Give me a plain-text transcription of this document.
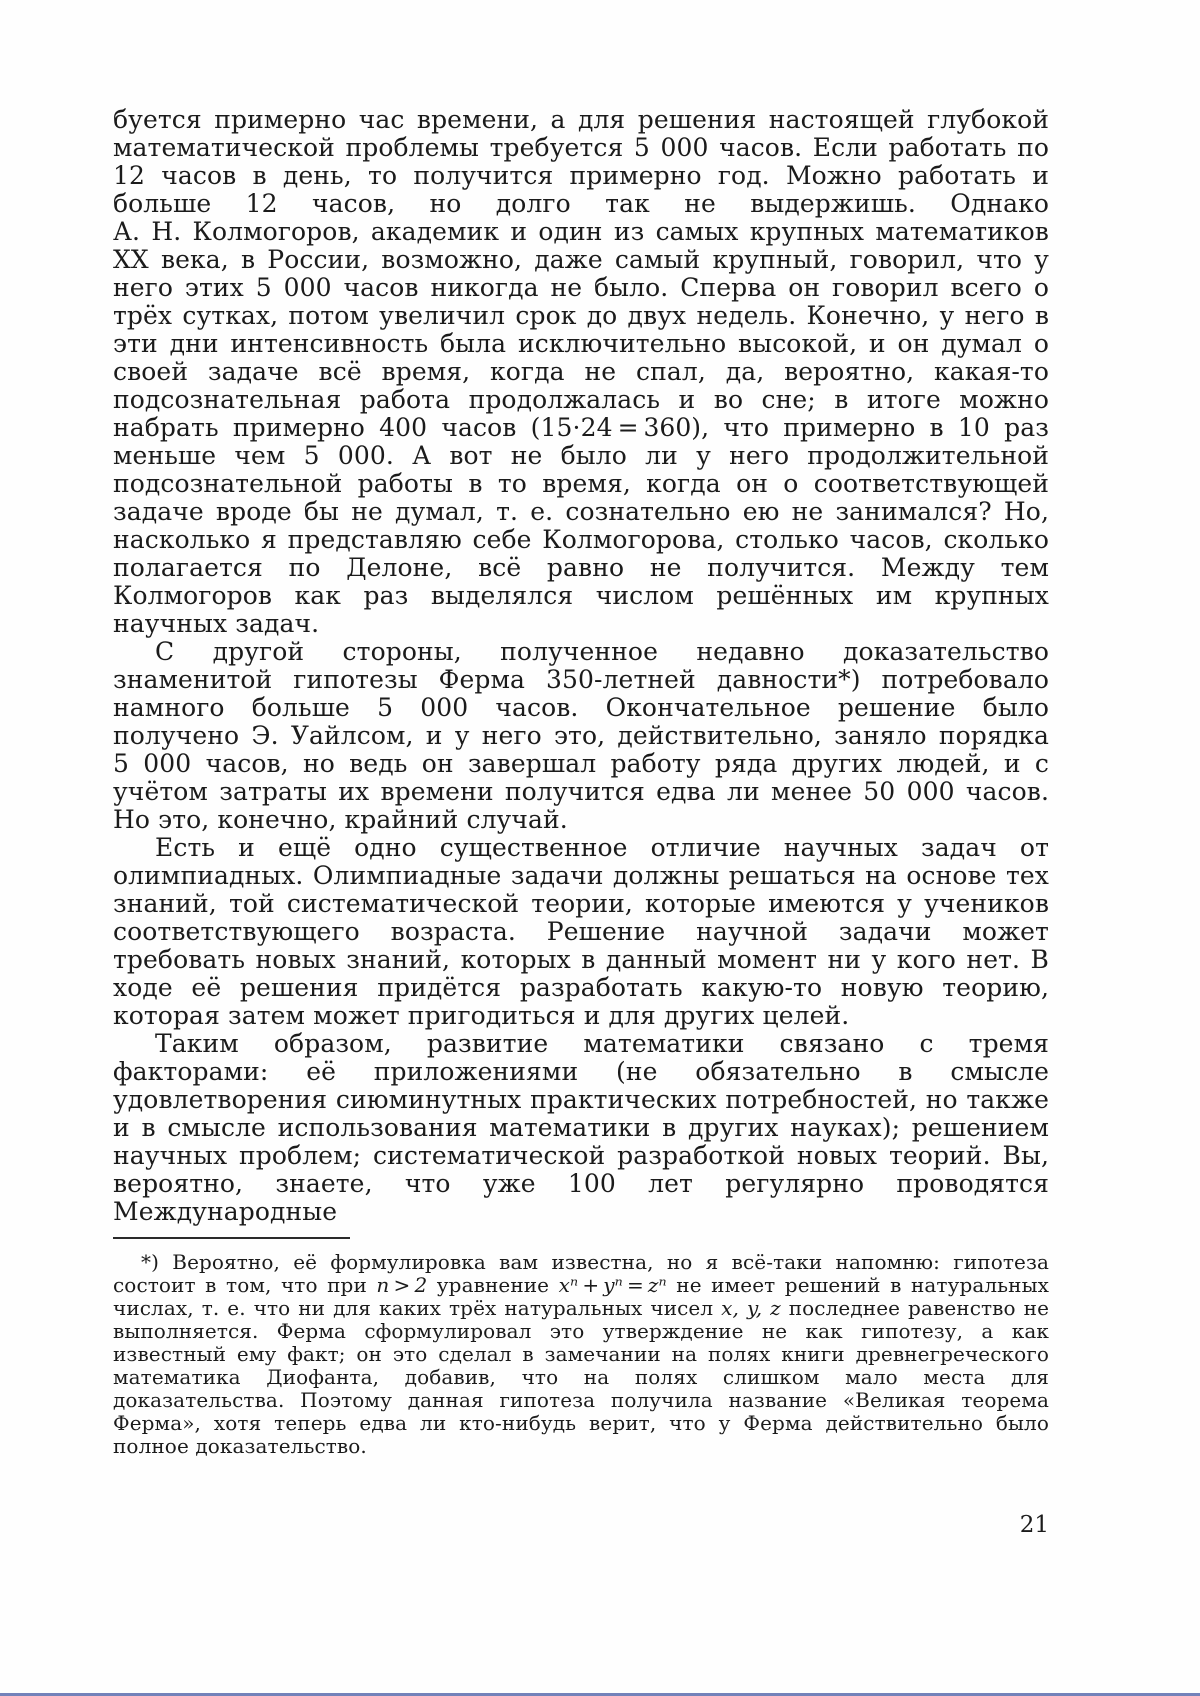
буется примерно час времени, а для решения настоящей глубокой математической проблемы требуется 5 000 часов. Если работать по 12 часов в день, то получится примерно год. Можно работать и больше 12 часов, но долго так не выдержишь. Однако А. Н. Колмогоров, академик и один из самых крупных математиков XX века, в России, возможно, даже самый крупный, говорил, что у него этих 5 000 часов никогда не было. Сперва он говорил всего о трёх сутках, потом увеличил срок до двух недель. Конечно, у него в эти дни интенсивность была исключительно высокой, и он думал о своей задаче всё время, когда не спал, да, вероятно, какая-то подсознательная работа продолжалась и во сне; в итоге можно набрать примерно 400 часов (15·24 = 360), что примерно в 10 раз меньше чем 5 000. А вот не было ли у него продолжительной подсознательной работы в то время, когда он о соответствующей задаче вроде бы не думал, т. е. сознательно ею не занимался? Но, насколько я представляю себе Колмогорова, столько часов, сколько полагается по Делоне, всё равно не получится. Между тем Колмогоров как раз выделялся числом решённых им крупных научных задач.

С другой стороны, полученное недавно доказательство знаменитой гипотезы Ферма 350-летней давности*) потребовало намного больше 5 000 часов. Окончательное решение было получено Э. Уайлсом, и у него это, действительно, заняло порядка 5 000 часов, но ведь он завершал работу ряда других людей, и с учётом затраты их времени получится едва ли менее 50 000 часов. Но это, конечно, крайний случай.

Есть и ещё одно существенное отличие научных задач от олимпиадных. Олимпиадные задачи должны решаться на основе тех знаний, той систематической теории, которые имеются у учеников соответствующего возраста. Решение научной задачи может требовать новых знаний, которых в данный момент ни у кого нет. В ходе её решения придётся разработать какую-то новую теорию, которая затем может пригодиться и для других целей.

Таким образом, развитие математики связано с тремя факторами: её приложениями (не обязательно в смысле удовлетворения сиюминутных практических потребностей, но также и в смысле использования математики в других науках); решением научных проблем; систематической разработкой новых теорий. Вы, вероятно, знаете, что уже 100 лет регулярно проводятся Международные

*) Вероятно, её формулировка вам известна, но я всё-таки напомню: гипотеза состоит в том, что при n > 2 уравнение xⁿ + yⁿ = zⁿ не имеет решений в натуральных числах, т. е. что ни для каких трёх натуральных чисел x, y, z последнее равенство не выполняется. Ферма сформулировал это утверждение не как гипотезу, а как известный ему факт; он это сделал в замечании на полях книги древнегреческого математика Диофанта, добавив, что на полях слишком мало места для доказательства. Поэтому данная гипотеза получила название «Великая теорема Ферма», хотя теперь едва ли кто-нибудь верит, что у Ферма действительно было полное доказательство.

21
